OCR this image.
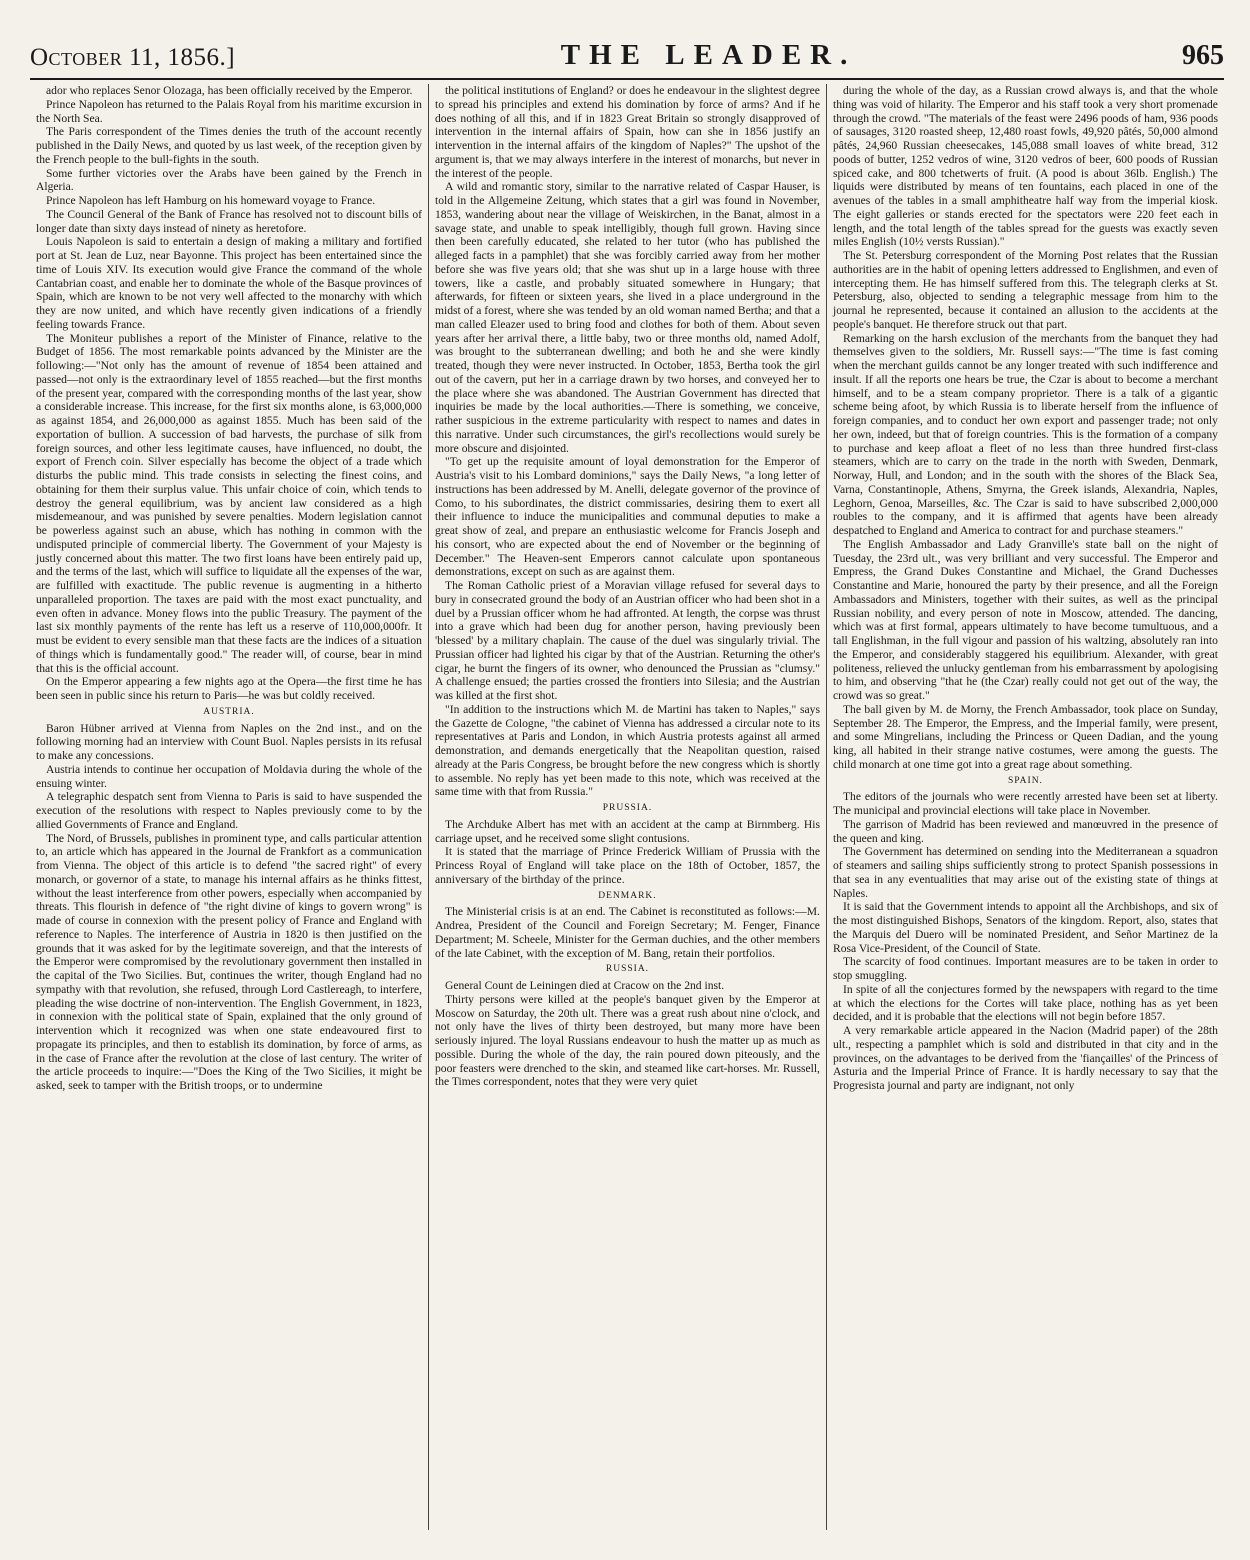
October 11, 1856.]	THE LEADER.	965

ador who replaces Senor Olozaga, has been officially received by the Emperor.

Prince Napoleon has returned to the Palais Royal from his maritime excursion in the North Sea.

The Paris correspondent of the Times denies the truth of the account recently published in the Daily News, and quoted by us last week, of the reception given by the French people to the bull-fights in the south.

Some further victories over the Arabs have been gained by the French in Algeria.

Prince Napoleon has left Hamburg on his homeward voyage to France.

The Council General of the Bank of France has resolved not to discount bills of longer date than sixty days instead of ninety as heretofore.

Louis Napoleon is said to entertain a design of making a military and fortified port at St. Jean de Luz, near Bayonne. This project has been entertained since the time of Louis XIV. Its execution would give France the command of the whole Cantabrian coast, and enable her to dominate the whole of the Basque provinces of Spain, which are known to be not very well affected to the monarchy with which they are now united, and which have recently given indications of a friendly feeling towards France.

The Moniteur publishes a report of the Minister of Finance, relative to the Budget of 1856. The most remarkable points advanced by the Minister are the following:—"Not only has the amount of revenue of 1854 been attained and passed—not only is the extraordinary level of 1855 reached—but the first months of the present year, compared with the corresponding months of the last year, show a considerable increase. This increase, for the first six months alone, is 63,000,000 as against 1854, and 26,000,000 as against 1855. Much has been said of the exportation of bullion. A succession of bad harvests, the purchase of silk from foreign sources, and other less legitimate causes, have influenced, no doubt, the export of French coin. Silver especially has become the object of a trade which disturbs the public mind. This trade consists in selecting the finest coins, and obtaining for them their surplus value. This unfair choice of coin, which tends to destroy the general equilibrium, was by ancient law considered as a high misdemeanour, and was punished by severe penalties. Modern legislation cannot be powerless against such an abuse, which has nothing in common with the undisputed principle of commercial liberty. The Government of your Majesty is justly concerned about this matter. The two first loans have been entirely paid up, and the terms of the last, which will suffice to liquidate all the expenses of the war, are fulfilled with exactitude. The public revenue is augmenting in a hitherto unparalleled proportion. The taxes are paid with the most exact punctuality, and even often in advance. Money flows into the public Treasury. The payment of the last six monthly payments of the rente has left us a reserve of 110,000,000fr. It must be evident to every sensible man that these facts are the indices of a situation of things which is fundamentally good." The reader will, of course, bear in mind that this is the official account.

On the Emperor appearing a few nights ago at the Opera—the first time he has been seen in public since his return to Paris—he was but coldly received.

AUSTRIA.

Baron Hübner arrived at Vienna from Naples on the 2nd inst., and on the following morning had an interview with Count Buol. Naples persists in its refusal to make any concessions.

Austria intends to continue her occupation of Moldavia during the whole of the ensuing winter.

A telegraphic despatch sent from Vienna to Paris is said to have suspended the execution of the resolutions with respect to Naples previously come to by the allied Governments of France and England.

The Nord, of Brussels, publishes in prominent type, and calls particular attention to, an article which has appeared in the Journal de Frankfort as a communication from Vienna. The object of this article is to defend "the sacred right" of every monarch, or governor of a state, to manage his internal affairs as he thinks fittest, without the least interference from other powers, especially when accompanied by threats. This flourish in defence of "the right divine of kings to govern wrong" is made of course in connexion with the present policy of France and England with reference to Naples. The interference of Austria in 1820 is then justified on the grounds that it was asked for by the legitimate sovereign, and that the interests of the Emperor were compromised by the revolutionary government then installed in the capital of the Two Sicilies. But, continues the writer, though England had no sympathy with that revolution, she refused, through Lord Castlereagh, to interfere, pleading the wise doctrine of non-intervention. The English Government, in 1823, in connexion with the political state of Spain, explained that the only ground of intervention which it recognized was when one state endeavoured first to propagate its principles, and then to establish its domination, by force of arms, as in the case of France after the revolution at the close of last century. The writer of the article proceeds to inquire:—"Does the King of the Two Sicilies, it might be asked, seek to tamper with the British troops, or to undermine

the political institutions of England? or does he endeavour in the slightest degree to spread his principles and extend his domination by force of arms? And if he does nothing of all this, and if in 1823 Great Britain so strongly disapproved of intervention in the internal affairs of Spain, how can she in 1856 justify an intervention in the internal affairs of the kingdom of Naples?" The upshot of the argument is, that we may always interfere in the interest of monarchs, but never in the interest of the people.

A wild and romantic story, similar to the narrative related of Caspar Hauser, is told in the Allgemeine Zeitung, which states that a girl was found in November, 1853, wandering about near the village of Weiskirchen, in the Banat, almost in a savage state, and unable to speak intelligibly, though full grown. Having since then been carefully educated, she related to her tutor (who has published the alleged facts in a pamphlet) that she was forcibly carried away from her mother before she was five years old; that she was shut up in a large house with three towers, like a castle, and probably situated somewhere in Hungary; that afterwards, for fifteen or sixteen years, she lived in a place underground in the midst of a forest, where she was tended by an old woman named Bertha; and that a man called Eleazer used to bring food and clothes for both of them. About seven years after her arrival there, a little baby, two or three months old, named Adolf, was brought to the subterranean dwelling; and both he and she were kindly treated, though they were never instructed. In October, 1853, Bertha took the girl out of the cavern, put her in a carriage drawn by two horses, and conveyed her to the place where she was abandoned. The Austrian Government has directed that inquiries be made by the local authorities.—There is something, we conceive, rather suspicious in the extreme particularity with respect to names and dates in this narrative. Under such circumstances, the girl's recollections would surely be more obscure and disjointed.

"To get up the requisite amount of loyal demonstration for the Emperor of Austria's visit to his Lombard dominions," says the Daily News, "a long letter of instructions has been addressed by M. Anelli, delegate governor of the province of Como, to his subordinates, the district commissaries, desiring them to exert all their influence to induce the municipalities and communal deputies to make a great show of zeal, and prepare an enthusiastic welcome for Francis Joseph and his consort, who are expected about the end of November or the beginning of December." The Heaven-sent Emperors cannot calculate upon spontaneous demonstrations, except on such as are against them.

The Roman Catholic priest of a Moravian village refused for several days to bury in consecrated ground the body of an Austrian officer who had been shot in a duel by a Prussian officer whom he had affronted. At length, the corpse was thrust into a grave which had been dug for another person, having previously been 'blessed' by a military chaplain. The cause of the duel was singularly trivial. The Prussian officer had lighted his cigar by that of the Austrian. Returning the other's cigar, he burnt the fingers of its owner, who denounced the Prussian as "clumsy." A challenge ensued; the parties crossed the frontiers into Silesia; and the Austrian was killed at the first shot.

"In addition to the instructions which M. de Martini has taken to Naples," says the Gazette de Cologne, "the cabinet of Vienna has addressed a circular note to its representatives at Paris and London, in which Austria protests against all armed demonstration, and demands energetically that the Neapolitan question, raised already at the Paris Congress, be brought before the new congress which is shortly to assemble. No reply has yet been made to this note, which was received at the same time with that from Russia."

PRUSSIA.

The Archduke Albert has met with an accident at the camp at Birnmberg. His carriage upset, and he received some slight contusions.

It is stated that the marriage of Prince Frederick William of Prussia with the Princess Royal of England will take place on the 18th of October, 1857, the anniversary of the birthday of the prince.

DENMARK.

The Ministerial crisis is at an end. The Cabinet is reconstituted as follows:—M. Andrea, President of the Council and Foreign Secretary; M. Fenger, Finance Department; M. Scheele, Minister for the German duchies, and the other members of the late Cabinet, with the exception of M. Bang, retain their portfolios.

RUSSIA.

General Count de Leiningen died at Cracow on the 2nd inst.

Thirty persons were killed at the people's banquet given by the Emperor at Moscow on Saturday, the 20th ult. There was a great rush about nine o'clock, and not only have the lives of thirty been destroyed, but many more have been seriously injured. The loyal Russians endeavour to hush the matter up as much as possible. During the whole of the day, the rain poured down piteously, and the poor feasters were drenched to the skin, and steamed like cart-horses. Mr. Russell, the Times correspondent, notes that they were very quiet

during the whole of the day, as a Russian crowd always is, and that the whole thing was void of hilarity. The Emperor and his staff took a very short promenade through the crowd. "The materials of the feast were 2496 poods of ham, 936 poods of sausages, 3120 roasted sheep, 12,480 roast fowls, 49,920 pâtés, 50,000 almond pâtés, 24,960 Russian cheesecakes, 145,088 small loaves of white bread, 312 poods of butter, 1252 vedros of wine, 3120 vedros of beer, 600 poods of Russian spiced cake, and 800 tchetwerts of fruit. (A pood is about 36lb. English.) The liquids were distributed by means of ten fountains, each placed in one of the avenues of the tables in a small amphitheatre half way from the imperial kiosk. The eight galleries or stands erected for the spectators were 220 feet each in length, and the total length of the tables spread for the guests was exactly seven miles English (10½ versts Russian)."

The St. Petersburg correspondent of the Morning Post relates that the Russian authorities are in the habit of opening letters addressed to Englishmen, and even of intercepting them. He has himself suffered from this. The telegraph clerks at St. Petersburg, also, objected to sending a telegraphic message from him to the journal he represented, because it contained an allusion to the accidents at the people's banquet. He therefore struck out that part.

Remarking on the harsh exclusion of the merchants from the banquet they had themselves given to the soldiers, Mr. Russell says:—"The time is fast coming when the merchant guilds cannot be any longer treated with such indifference and insult. If all the reports one hears be true, the Czar is about to become a merchant himself, and to be a steam company proprietor. There is a talk of a gigantic scheme being afoot, by which Russia is to liberate herself from the influence of foreign companies, and to conduct her own export and passenger trade; not only her own, indeed, but that of foreign countries. This is the formation of a company to purchase and keep afloat a fleet of no less than three hundred first-class steamers, which are to carry on the trade in the north with Sweden, Denmark, Norway, Hull, and London; and in the south with the shores of the Black Sea, Varna, Constantinople, Athens, Smyrna, the Greek islands, Alexandria, Naples, Leghorn, Genoa, Marseilles, &c. The Czar is said to have subscribed 2,000,000 roubles to the company, and it is affirmed that agents have been already despatched to England and America to contract for and purchase steamers."

The English Ambassador and Lady Granville's state ball on the night of Tuesday, the 23rd ult., was very brilliant and very successful. The Emperor and Empress, the Grand Dukes Constantine and Michael, the Grand Duchesses Constantine and Marie, honoured the party by their presence, and all the Foreign Ambassadors and Ministers, together with their suites, as well as the principal Russian nobility, and every person of note in Moscow, attended. The dancing, which was at first formal, appears ultimately to have become tumultuous, and a tall Englishman, in the full vigour and passion of his waltzing, absolutely ran into the Emperor, and considerably staggered his equilibrium. Alexander, with great politeness, relieved the unlucky gentleman from his embarrassment by apologising to him, and observing "that he (the Czar) really could not get out of the way, the crowd was so great."

The ball given by M. de Morny, the French Ambassador, took place on Sunday, September 28. The Emperor, the Empress, and the Imperial family, were present, and some Mingrelians, including the Princess or Queen Dadian, and the young king, all habited in their strange native costumes, were among the guests. The child monarch at one time got into a great rage about something.

SPAIN.

The editors of the journals who were recently arrested have been set at liberty. The municipal and provincial elections will take place in November.

The garrison of Madrid has been reviewed and manœuvred in the presence of the queen and king.

The Government has determined on sending into the Mediterranean a squadron of steamers and sailing ships sufficiently strong to protect Spanish possessions in that sea in any eventualities that may arise out of the existing state of things at Naples.

It is said that the Government intends to appoint all the Archbishops, and six of the most distinguished Bishops, Senators of the kingdom. Report, also, states that the Marquis del Duero will be nominated President, and Señor Martinez de la Rosa Vice-President, of the Council of State.

The scarcity of food continues. Important measures are to be taken in order to stop smuggling.

In spite of all the conjectures formed by the newspapers with regard to the time at which the elections for the Cortes will take place, nothing has as yet been decided, and it is probable that the elections will not begin before 1857.

A very remarkable article appeared in the Nacion (Madrid paper) of the 28th ult., respecting a pamphlet which is sold and distributed in that city and in the provinces, on the advantages to be derived from the 'fiançailles' of the Princess of Asturia and the Imperial Prince of France. It is hardly necessary to say that the Progresista journal and party are indignant, not only
